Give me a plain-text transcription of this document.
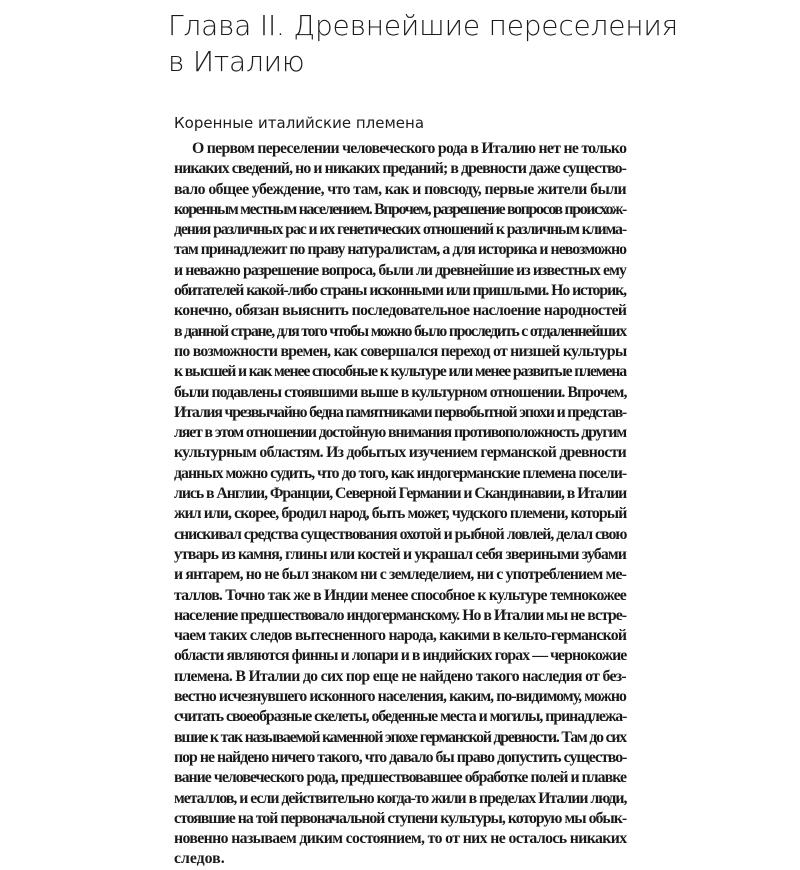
Глава II. Древнейшие переселения
в Италию
Коренные италийские племена
О первом переселении человеческого рода в Италию нет не только
никаких сведений, но и никаких преданий; в древности даже существо-
вало общее убеждение, что там, как и повсюду, первые жители были
коренным местным населением. Впрочем, разрешение вопросов происхож-
дения различных рас и их генетических отношений к различным клима-
там принадлежит по праву натуралистам, а для историка и невозможно
и неважно разрешение вопроса, были ли древнейшие из известных ему
обитателей какой-либо страны исконными или пришлыми. Но историк,
конечно, обязан выяснить последовательное наслоение народностей
в данной стране, для того чтобы можно было проследить с отдаленнейших
по возможности времен, как совершался переход от низшей культуры
к высшей и как менее способные к культуре или менее развитые племена
были подавлены стоявшими выше в культурном отношении. Впрочем,
Италия чрезвычайно бедна памятниками первобытной эпохи и представ-
ляет в этом отношении достойную внимания противоположность другим
культурным областям. Из добытых изучением германской древности
данных можно судить, что до того, как индогерманские племена посели-
лись в Англии, Франции, Северной Германии и Скандинавии, в Италии
жил или, скорее, бродил народ, быть может, чудского племени, который
снискивал средства существования охотой и рыбной ловлей, делал свою
утварь из камня, глины или костей и украшал себя звериными зубами
и янтарем, но не был знаком ни с земледелием, ни с употреблением ме-
таллов. Точно так же в Индии менее способное к культуре темнокожее
население предшествовало индогерманскому. Но в Италии мы не встре-
чаем таких следов вытесненного народа, какими в кельто-германской
области являются финны и лопари и в индийских горах — чернокожие
племена. В Италии до сих пор еще не найдено такого наследия от без-
вестно исчезнувшего исконного населения, каким, по-видимому, можно
считать своеобразные скелеты, обеденные места и могилы, принадлежа-
вшие к так называемой каменной эпохе германской древности. Там до сих
пор не найдено ничего такого, что давало бы право допустить существо-
вание человеческого рода, предшествовавшее обработке полей и плавке
металлов, и если действительно когда-то жили в пределах Италии люди,
стоявшие на той первоначальной ступени культуры, которую мы обык-
новенно называем диким состоянием, то от них не осталось никаких
следов.
